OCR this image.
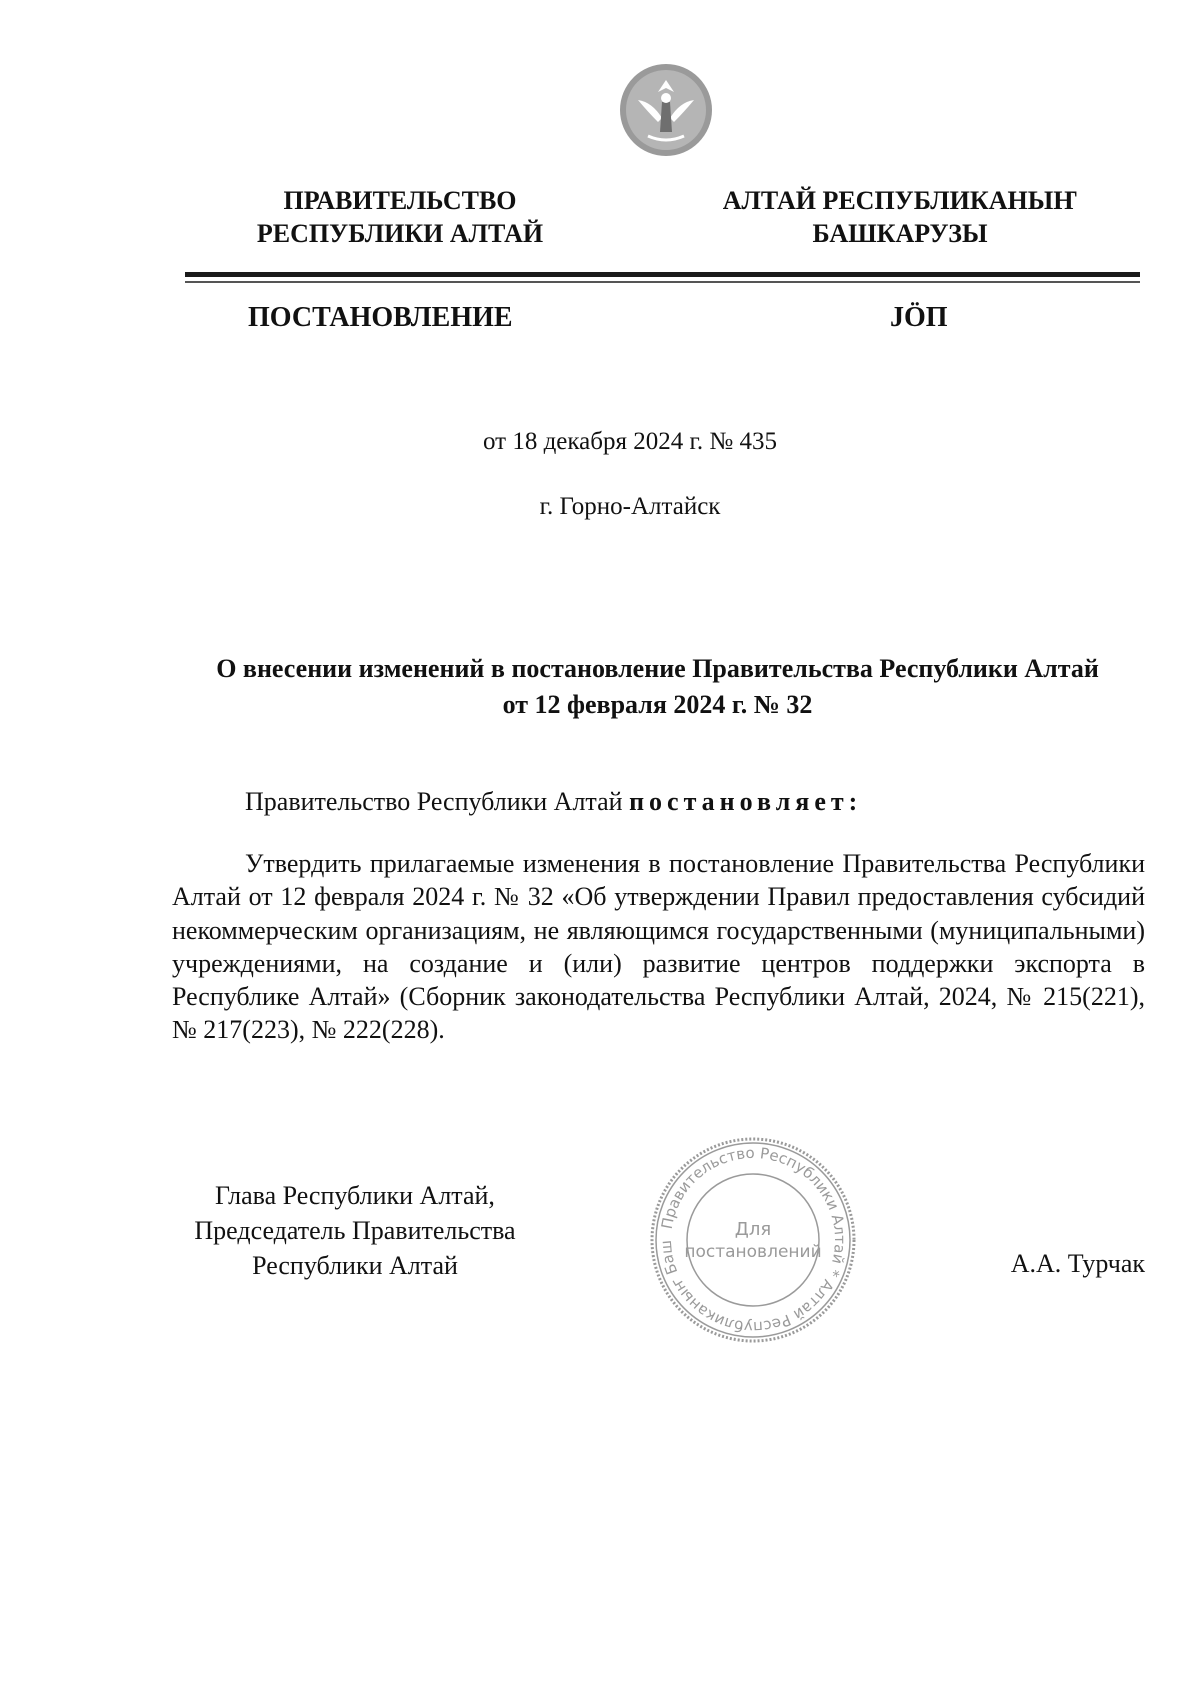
ПРАВИТЕЛЬСТВО
РЕСПУБЛИКИ АЛТАЙ
АЛТАЙ РЕСПУБЛИКАНЫҤ
БАШКАРУЗЫ
ПОСТАНОВЛЕНИЕ	JӦП
от 18 декабря 2024 г. № 435
г. Горно-Алтайск
О внесении изменений в постановление Правительства Республики Алтай
от 12 февраля 2024 г. № 32
Правительство Республики Алтай постановляет:
Утвердить прилагаемые изменения в постановление Правительства Республики Алтай от 12 февраля 2024 г. № 32 «Об утверждении Правил предоставления субсидий некоммерческим организациям, не являющимся государственными (муниципальными) учреждениями, на создание и (или) развитие центров поддержки экспорта в Республике Алтай» (Сборник законодательства Республики Алтай, 2024, № 215(221), № 217(223), № 222(228).
Глава Республики Алтай,
Председатель Правительства
Республики Алтай
Правительство Республики Алтай * Алтай Республиканыҥ Баш
Для
постановлений	А.А. Турчак
